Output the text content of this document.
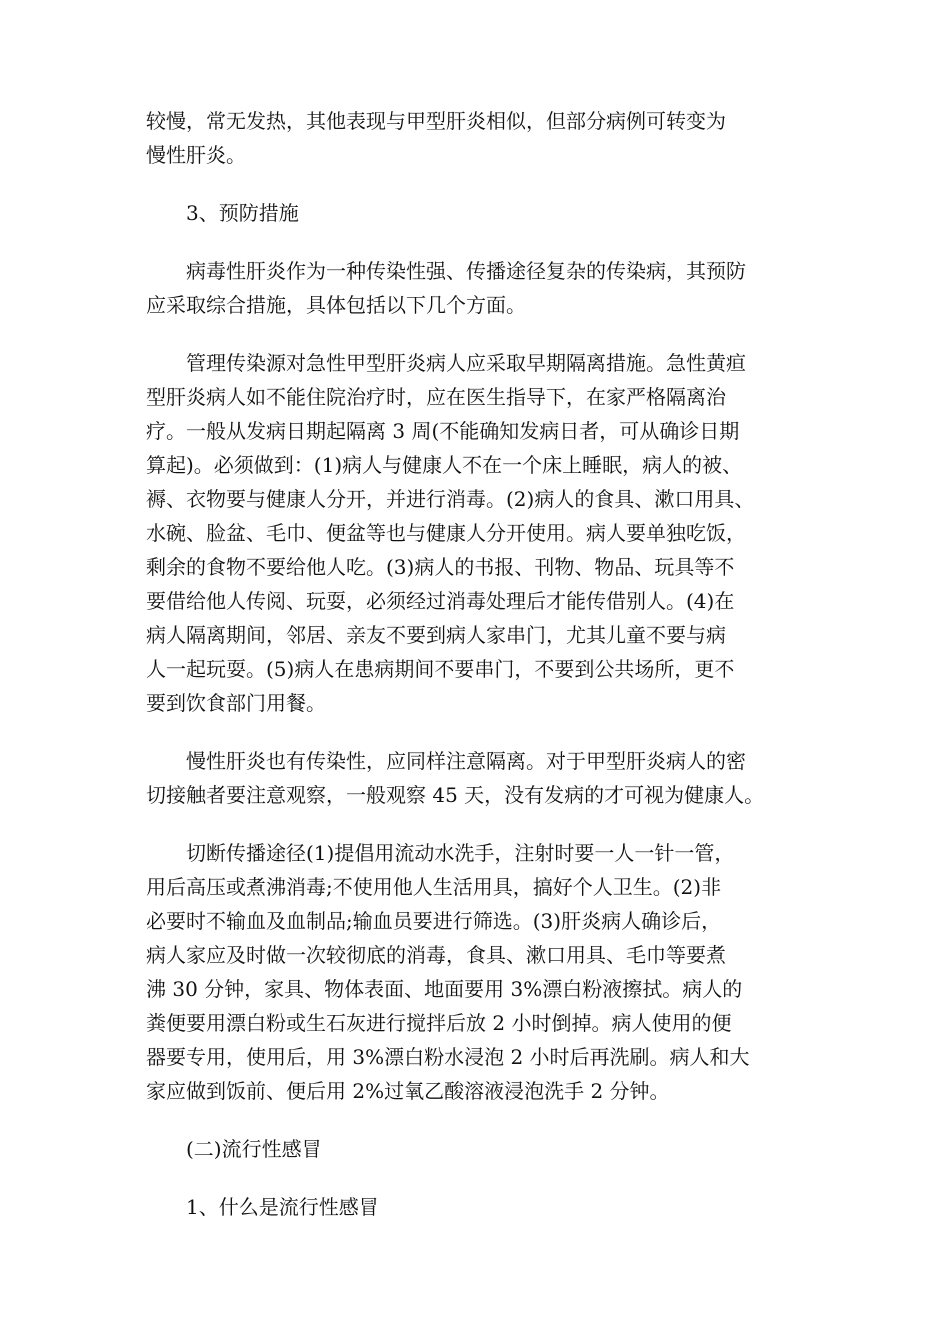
较慢，常无发热，其他表现与甲型肝炎相似，但部分病例可转变为
慢性肝炎。
3、预防措施
病毒性肝炎作为一种传染性强、传播途径复杂的传染病，其预防
应采取综合措施，具体包括以下几个方面。
管理传染源对急性甲型肝炎病人应采取早期隔离措施。急性黄疸
型肝炎病人如不能住院治疗时，应在医生指导下，在家严格隔离治
疗。一般从发病日期起隔离 3 周(不能确知发病日者，可从确诊日期
算起)。必须做到：(1)病人与健康人不在一个床上睡眠，病人的被、
褥、衣物要与健康人分开，并进行消毒。(2)病人的食具、漱口用具、
水碗、脸盆、毛巾、便盆等也与健康人分开使用。病人要单独吃饭，
剩余的食物不要给他人吃。(3)病人的书报、刊物、物品、玩具等不
要借给他人传阅、玩耍，必须经过消毒处理后才能传借别人。(4)在
病人隔离期间，邻居、亲友不要到病人家串门，尤其儿童不要与病
人一起玩耍。(5)病人在患病期间不要串门，不要到公共场所，更不
要到饮食部门用餐。
慢性肝炎也有传染性，应同样注意隔离。对于甲型肝炎病人的密
切接触者要注意观察，一般观察 45 天，没有发病的才可视为健康人。
切断传播途径(1)提倡用流动水洗手，注射时要一人一针一管，
用后高压或煮沸消毒;不使用他人生活用具，搞好个人卫生。(2)非
必要时不输血及血制品;输血员要进行筛选。(3)肝炎病人确诊后，
病人家应及时做一次较彻底的消毒，食具、漱口用具、毛巾等要煮
沸 30 分钟，家具、物体表面、地面要用 3%漂白粉液擦拭。病人的
粪便要用漂白粉或生石灰进行搅拌后放 2 小时倒掉。病人使用的便
器要专用，使用后，用 3%漂白粉水浸泡 2 小时后再洗刷。病人和大
家应做到饭前、便后用 2%过氧乙酸溶液浸泡洗手 2 分钟。
(二)流行性感冒
1、什么是流行性感冒
